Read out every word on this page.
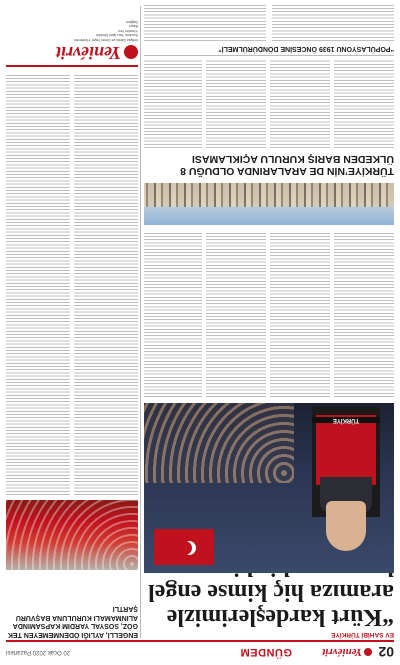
02
Yeniévrit
GÜNDEM
20 Ocak 2020 Pazartesi

EV SAHİBİ TÜRKİYE

“Kürt kardeşlerimizle aramıza hiç kimse engel
TÜRKİYE
TÜRKİYE’NİN DE ARALARINDA OLDUĞU 8 ÜLKEDEN BARIŞ KURULU AÇIKLAMASI
“POPÜLASYONU 1939 ÖNCESİNE DÖNDÜRÜLMELİ”
ENGELLİ, AYLIĞI ÖDENMEMEYEN TEK GÖZ, SOSYAL YARDIM KAPSAMINDA ALINMAMALI KURULUNA BAŞVURU ŞARTLI
Yeniévrit
İmtiyaz Sahibi ve Genel Yayın Yönetmeni
Sorumlu Yazı İşleri Müdürü
Yönetim Yeri
Baskı
Dağıtım
